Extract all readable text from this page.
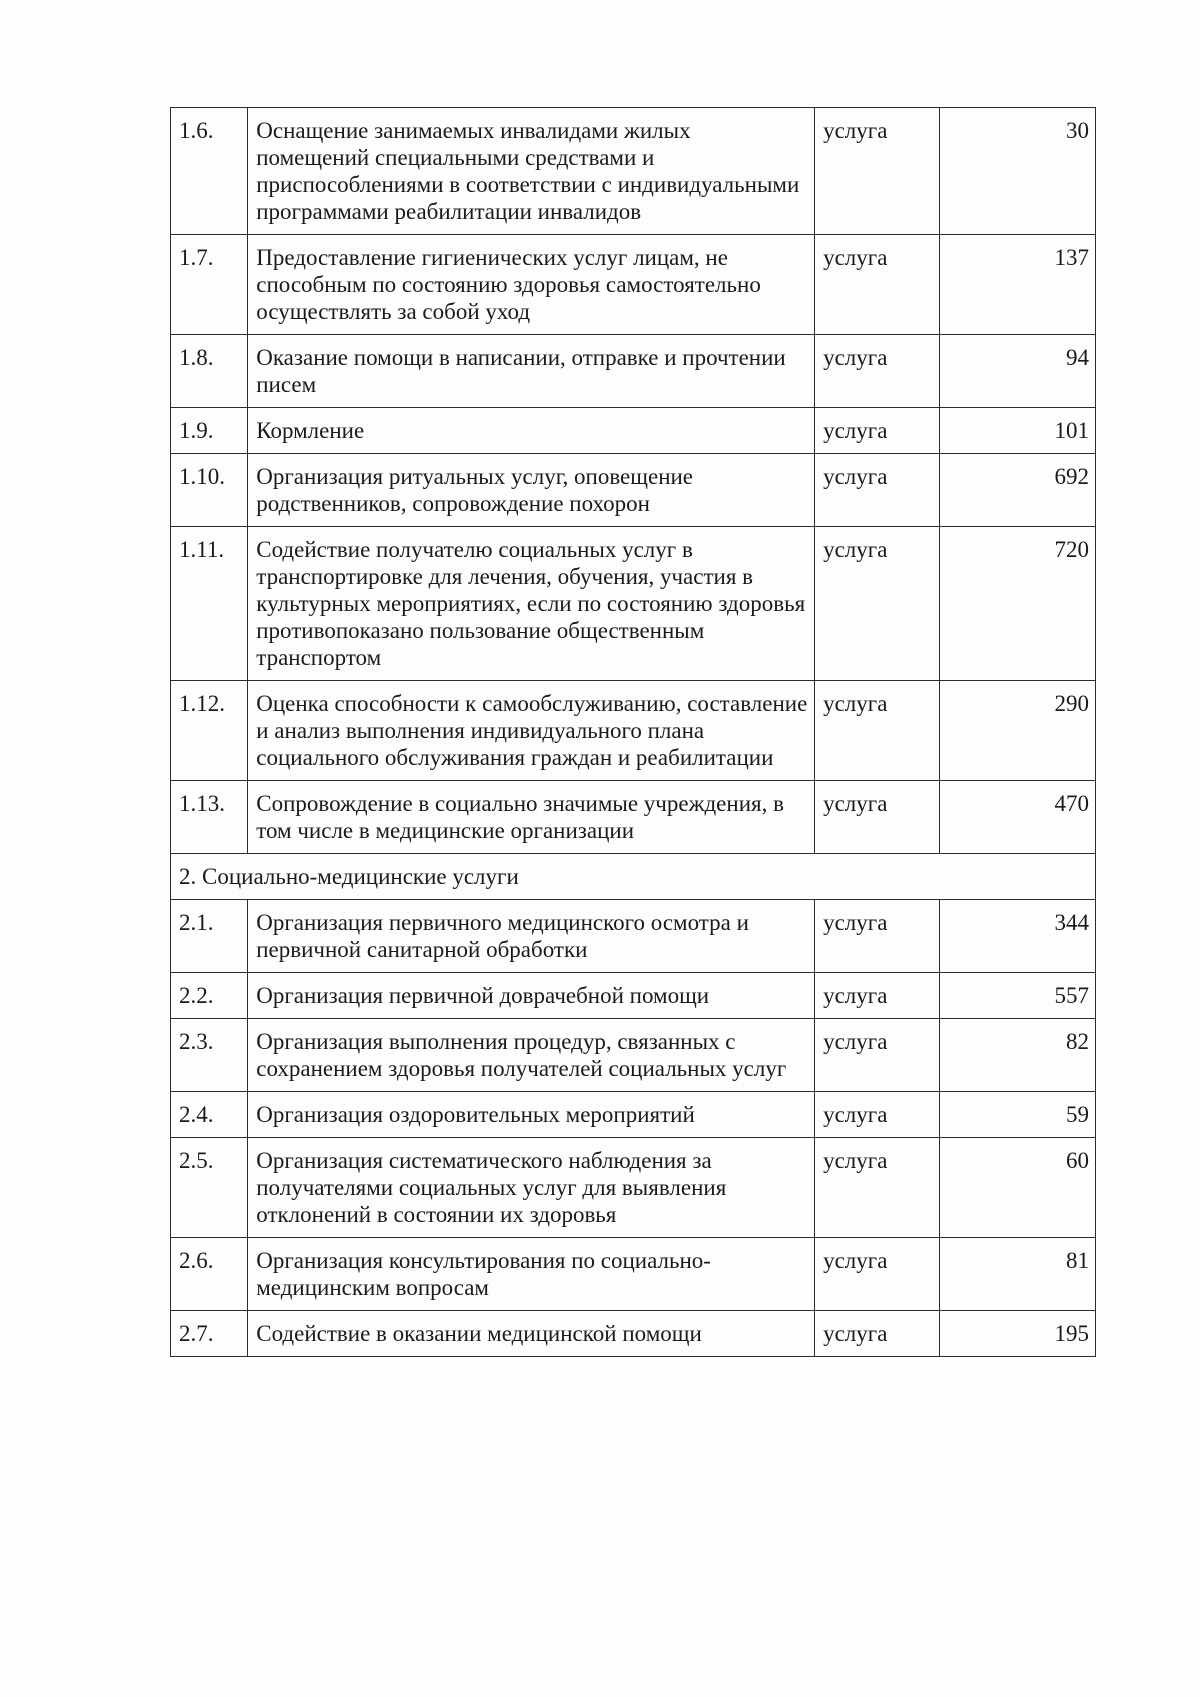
1.6.	Оснащение занимаемых инвалидами жилых помещений специальными средствами и приспособлениями в соответствии с индивидуальными программами реабилитации инвалидов	услуга	30
1.7.	Предоставление гигиенических услуг лицам, не способным по состоянию здоровья самостоятельно осуществлять за собой уход	услуга	137
1.8.	Оказание помощи в написании, отправке и прочтении писем	услуга	94
1.9.	Кормление	услуга	101
1.10.	Организация ритуальных услуг, оповещение родственников, сопровождение похорон	услуга	692
1.11.	Содействие получателю социальных услуг в транспортировке для лечения, обучения, участия в культурных мероприятиях, если по состоянию здоровья противопоказано пользование общественным транспортом	услуга	720
1.12.	Оценка способности к самообслуживанию, составление и анализ выполнения индивидуального плана социального обслуживания граждан и реабилитации	услуга	290
1.13.	Сопровождение в социально значимые учреждения, в том числе в медицинские организации	услуга	470
2. Социально-медицинские услуги			
2.1.	Организация первичного медицинского осмотра и первичной санитарной обработки	услуга	344
2.2.	Организация первичной доврачебной помощи	услуга	557
2.3.	Организация выполнения процедур, связанных с сохранением здоровья получателей социальных услуг	услуга	82
2.4.	Организация оздоровительных мероприятий	услуга	59
2.5.	Организация систематического наблюдения за получателями социальных услуг для выявления отклонений в состоянии их здоровья	услуга	60
2.6.	Организация консультирования по социально-медицинским вопросам	услуга	81
2.7.	Содействие в оказании медицинской помощи	услуга	195
